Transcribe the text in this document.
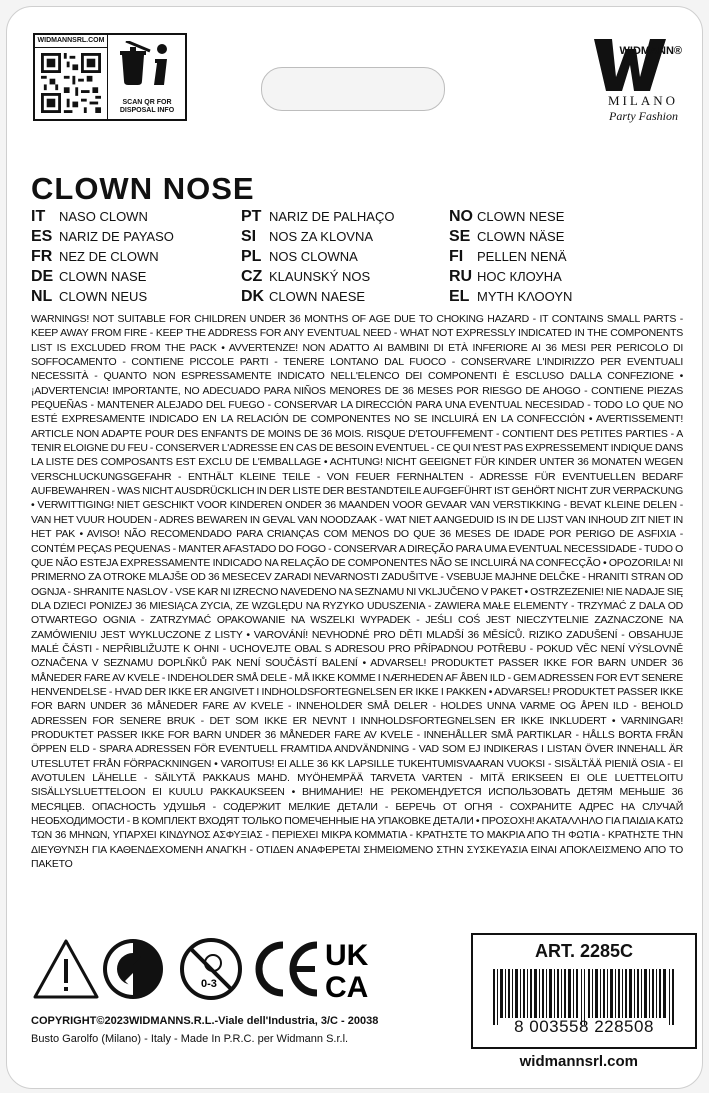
WIDMANNSRL.COM
SCAN QR FOR
DISPOSAL INFO
WIDMANN®
MILANO
Party Fashion
CLOWN NOSE
IT NASO CLOWN
ES NARIZ DE PAYASO
FR NEZ DE CLOWN
DE CLOWN NASE
NL CLOWN NEUS
PT NARIZ DE PALHAÇO
SI NOS ZA KLOVNA
PL NOS CLOWNA
CZ KLAUNSKÝ NOS
DK CLOWN NAESE
NO CLOWN NESE
SE CLOWN NÄSE
FI PELLEN NENÄ
RU НОС КЛОУНА
EL ΜΥΤΗ ΚΛΟΟΥΝ
WARNINGS! NOT SUITABLE FOR CHILDREN UNDER 36 MONTHS OF AGE DUE TO CHOKING HAZARD - IT CONTAINS SMALL PARTS - KEEP AWAY FROM FIRE - KEEP THE ADDRESS FOR ANY EVENTUAL NEED - WHAT NOT EXPRESSLY INDICATED IN THE COMPONENTS LIST IS EXCLUDED FROM THE PACK • AVVERTENZE! NON ADATTO AI BAMBINI DI ETÀ INFERIORE AI 36 MESI PER PERICOLO DI SOFFOCAMENTO - CONTIENE PICCOLE PARTI - TENERE LONTANO DAL FUOCO - CONSERVARE L'INDIRIZZO PER EVENTUALI NECESSITÀ - QUANTO NON ESPRESSAMENTE INDICATO NELL'ELENCO DEI COMPONENTI È ESCLUSO DALLA CONFEZIONE • ¡ADVERTENCIA! IMPORTANTE, NO ADECUADO PARA NIÑOS MENORES DE 36 MESES POR RIESGO DE AHOGO - CONTIENE PIEZAS PEQUEÑAS - MANTENER ALEJADO DEL FUEGO - CONSERVAR LA DIRECCIÓN PARA UNA EVENTUAL NECESIDAD - TODO LO QUE NO ESTÉ EXPRESAMENTE INDICADO EN LA RELACIÓN DE COMPONENTES NO SE INCLUIRÁ EN LA CONFECCIÓN • AVERTISSEMENT! ARTICLE NON ADAPTE POUR DES ENFANTS DE MOINS DE 36 MOIS. RISQUE D'ETOUFFEMENT - CONTIENT DES PETITES PARTIES - A TENIR ELOIGNE DU FEU - CONSERVER L'ADRESSE EN CAS DE BESOIN EVENTUEL - CE QUI N'EST PAS EXPRESSEMENT INDIQUE DANS LA LISTE DES COMPOSANTS EST EXCLU DE L'EMBALLAGE • ACHTUNG! NICHT GEEIGNET FÜR KINDER UNTER 36 MONATEN WEGEN VERSCHLUCKUNGSGEFAHR - ENTHÄLT KLEINE TEILE - VON FEUER FERNHALTEN - ADRESSE FÜR EVENTUELLEN BEDARF AUFBEWAHREN - WAS NICHT AUSDRÜCKLICH IN DER LISTE DER BESTANDTEILE AUFGEFÜHRT IST GEHÖRT NICHT ZUR VERPACKUNG • VERWITTIGING! NIET GESCHIKT VOOR KINDEREN ONDER 36 MAANDEN VOOR GEVAAR VAN VERSTIKKING - BEVAT KLEINE DELEN - VAN HET VUUR HOUDEN - ADRES BEWAREN IN GEVAL VAN NOODZAAK - WAT NIET AANGEDUID IS IN DE LIJST VAN INHOUD ZIT NIET IN HET PAK • AVISO! NÃO RECOMENDADO PARA CRIANÇAS COM MENOS DO QUE 36 MESES DE IDADE POR PERIGO DE ASFIXIA - CONTÉM PEÇAS PEQUENAS - MANTER AFASTADO DO FOGO - CONSERVAR A DIREÇÃO PARA UMA EVENTUAL NECESSIDADE - TUDO O QUE NÃO ESTEJA EXPRESSAMENTE INDICADO NA RELAÇÃO DE COMPONENTES NÃO SE INCLUIRÁ NA CONFECÇÃO • OPOZORILA! NI PRIMERNO ZA OTROKE MLAJŠE OD 36 MESECEV ZARADI NEVARNOSTI ZADUŠITVE - VSEBUJE MAJHNE DELČKE - HRANITI STRAN OD OGNJA - SHRANITE NASLOV - VSE KAR NI IZRECNO NAVEDENO NA SEZNAMU NI VKLJUČENO V PAKET • OSTRZEZENIE! NIE NADAJE SIĘ DLA DZIECI PONIZEJ 36 MIESIĄCA ZYCIA, ZE WZGLĘDU NA RYZYKO UDUSZENIA - ZAWIERA MAŁE ELEMENTY - TRZYMAĆ Z DALA OD OTWARTEGO OGNIA - ZATRZYMAĆ OPAKOWANIE NA WSZELKI WYPADEK - JEŚLI COŚ JEST NIECZYTELNIE ZAZNACZONE NA ZAMÓWIENIU JEST WYKLUCZONE Z LISTY • VAROVÁNÍ! NEVHODNÉ PRO DĚTI MLADŠÍ 36 MĚSÍCŮ. RIZIKO ZADUŠENÍ - OBSAHUJE MALÉ ČÁSTI - NEPŘIBLIŽUJTE K OHNI - UCHOVEJTE OBAL S ADRESOU PRO PŘÍPADNOU POTŘEBU - POKUD VĚC NENÍ VÝSLOVNĚ OZNAČENA V SEZNAMU DOPLŇKŮ PAK NENÍ SOUČÁSTÍ BALENÍ • ADVARSEL! PRODUKTET PASSER IKKE FOR BARN UNDER 36 MÅNEDER FARE AV KVELE - INDEHOLDER SMÅ DELE - MÅ IKKE KOMME I NÆRHEDEN AF ÅBEN ILD - GEM ADRESSEN FOR EVT SENERE HENVENDELSE - HVAD DER IKKE ER ANGIVET I INDHOLDSFORTEGNELSEN ER IKKE I PAKKEN • ADVARSEL! PRODUKTET PASSER IKKE FOR BARN UNDER 36 MÅNEDER FARE AV KVELE - INNEHOLDER SMÅ DELER - HOLDES UNNA VARME OG ÅPEN ILD - BEHOLD ADRESSEN FOR SENERE BRUK - DET SOM IKKE ER NEVNT I INNHOLDSFORTEGNELSEN ER IKKE INKLUDERT • VARNINGAR! PRODUKTET PASSER IKKE FOR BARN UNDER 36 MÅNEDER FARE AV KVELE - INNEHÅLLER SMÅ PARTIKLAR - HÅLLS BORTA FRÅN ÖPPEN ELD - SPARA ADRESSEN FÖR EVENTUELL FRAMTIDA ANDVÄNDNING - VAD SOM EJ INDIKERAS I LISTAN ÖVER INNEHALL ÄR UTESLUTET FRÅN FÖRPACKNINGEN • VAROITUS! EI ALLE 36 KK LAPSILLE TUKEHTUMISVAARAN VUOKSI - SISÄLTÄÄ PIENIÄ OSIA - EI AVOTULEN LÄHELLE - SÄILYTÄ PAKKAUS MAHD. MYÖHEMPÄÄ TARVETA VARTEN - MITÄ ERIKSEEN EI OLE LUETTELOITU SISÄLLYSLUETTELOON EI KUULU PAKKAUKSEEN • ВНИМАНИЕ! НЕ РЕКОМЕНДУЕТСЯ ИСПОЛЬЗОВАТЬ ДЕТЯМ МЕНЬШЕ 36 МЕСЯЦЕВ. ОПАСНОСТЬ УДУШЬЯ - СОДЕРЖИТ МЕЛКИЕ ДЕТАЛИ - БЕРЕЧЬ ОТ ОГНЯ - СОХРАНИТЕ АДРЕС НА СЛУЧАЙ НЕОБХОДИМОСТИ - В КОМПЛЕКТ ВХОДЯТ ТОЛЬКО ПОМЕЧЕННЫЕ НА УПАКОВКЕ ДЕТАЛИ • ΠΡΟΣΟΧΗ! ΑΚΑΤΑΛΛΗΛΟ ΓΙΑ ΠΑΙΔΙΑ ΚΑΤΩ ΤΩΝ 36 ΜΗΝΩΝ, ΥΠΑΡΧΕΙ ΚΙΝΔΥΝΟΣ ΑΣΦΥΞΙΑΣ - ΠΕΡΙΕΧΕΙ ΜΙΚΡΑ ΚΟΜΜΑΤΙΑ - ΚΡΑΤΗΣΤΕ ΤΟ ΜΑΚΡΙΑ ΑΠΟ ΤΗ ΦΩΤΙΑ - ΚΡΑΤΗΣΤΕ ΤΗΝ ΔΙΕΥΘΥΝΣΗ ΓΙΑ ΚΑΘΕΝΔΕΧΟΜΕΝΗ ΑΝΑΓΚΗ - ΟΤΙΔΕΝ ΑΝΑΦΕΡΕΤΑΙ ΣΗΜΕΙΩΜΕΝΟ ΣΤΗΝ ΣΥΣΚΕΥΑΣΙΑ ΕΙΝΑΙ ΑΠΟΚΛΕΙΣΜΕΝΟ ΑΠΟ ΤΟ ΠΑΚΕΤΟ
0-3
UK
CA
COPYRIGHT©2023WIDMANNS.R.L.-Viale dell'Industria, 3/C - 20038
Busto Garolfo (Milano) - Italy - Made In P.R.C. per Widmann S.r.l.
ART. 2285C
8 003558 228508
widmannsrl.com
